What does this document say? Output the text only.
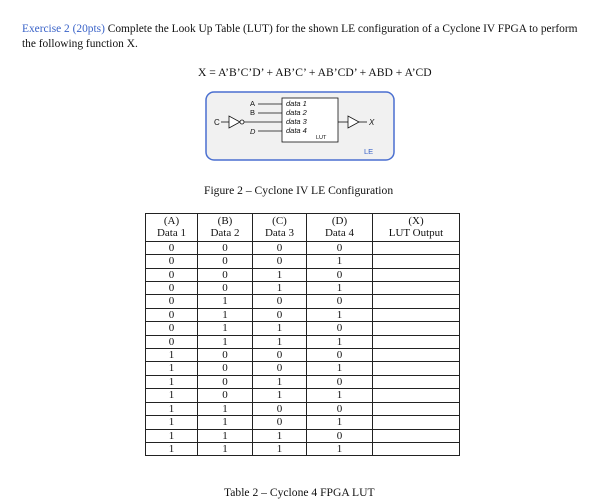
Exercise 2 (20pts) Complete the Look Up Table (LUT) for the shown LE configuration of a Cyclone IV FPGA to perform the following function X.
X = A’B’C’D’ + AB’C’ + AB’CD’ + ABD + A’CD
C
A
B
D
data 1
data 2
data 3
data 4
LUT
X
LE
Figure 2 – Cyclone IV LE Configuration
(A)	(B)	(C)	(D)	(X)
Data 1	Data 2	Data 3	Data 4	LUT Output
0	0	0	0	
0	0	0	1	
0	0	1	0	
0	0	1	1	
0	1	0	0	
0	1	0	1	
0	1	1	0	
0	1	1	1	
1	0	0	0	
1	0	0	1	
1	0	1	0	
1	0	1	1	
1	1	0	0	
1	1	0	1	
1	1	1	0	
1	1	1	1	
Table 2 – Cyclone 4 FPGA LUT
